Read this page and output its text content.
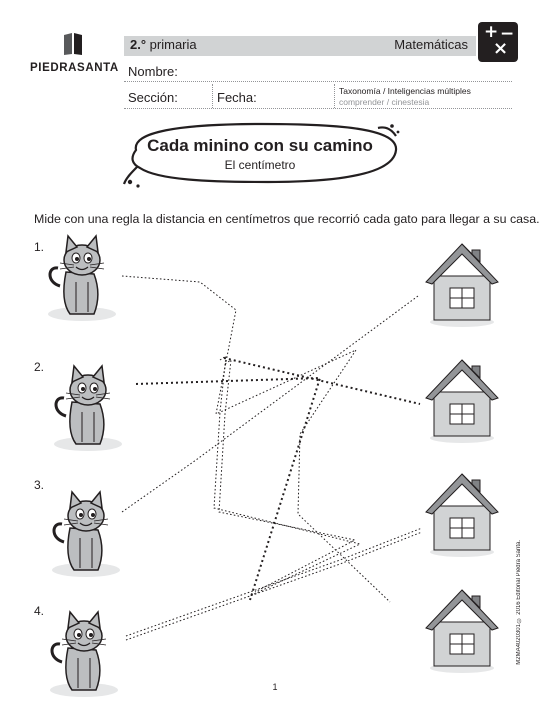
PIEDRASANTA
2.° primaria	Matemáticas
+ −
×
Nombre:
Sección:	Fecha:	Taxonomía / Inteligencias múltiples
comprender / cinestesia
Cada minino con su camino
El centímetro
Mide con una regla la distancia en centímetros que recorrió cada gato para llegar a su casa.
1.
2.
3.
4.	M2MA4020301 © 2016 Editorial Piedra Santa.
1
